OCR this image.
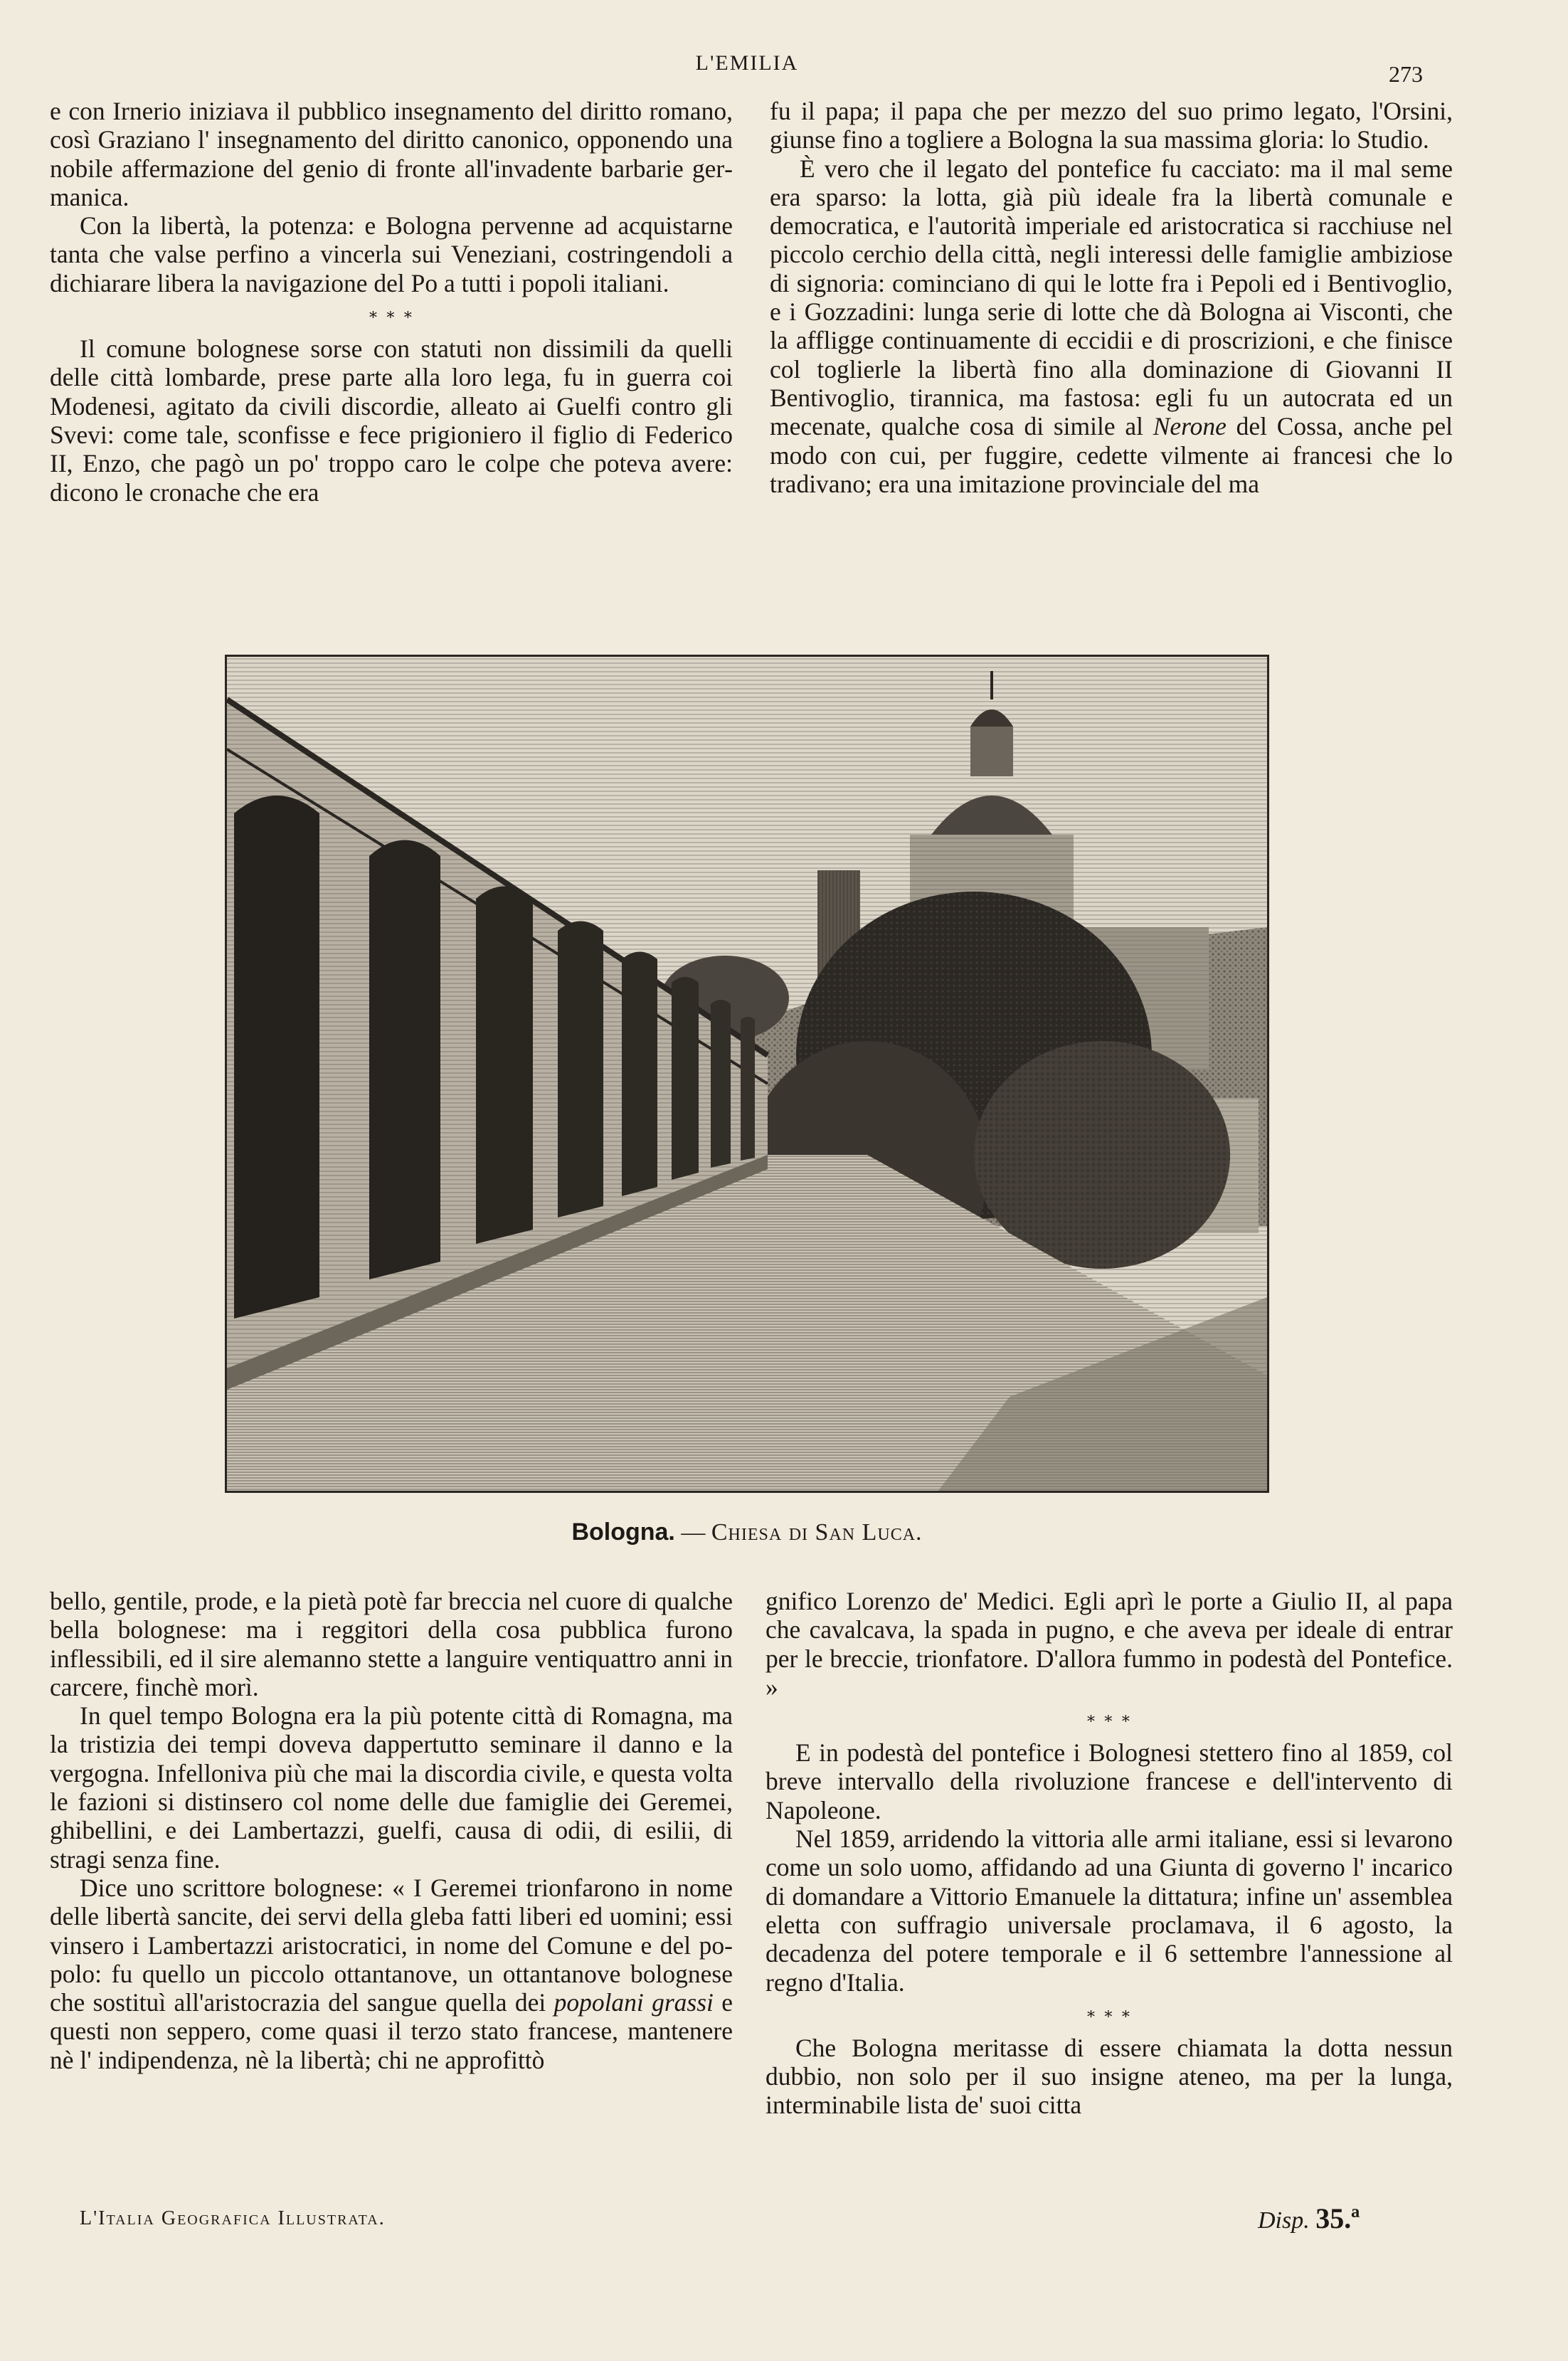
L'EMILIA	273

e con Irnerio iniziava il pubblico insegnamento del diritto romano, così Graziano l' insegnamento del diritto canonico, opponendo una nobile affermazione del genio di fronte all'invadente barbarie germanica.

Con la libertà, la potenza: e Bologna pervenne ad acquistarne tanta che valse perfino a vincerla sui Veneziani, costringendoli a dichiarare libera la navigazione del Po a tutti i popoli italiani.

∗ ∗ ∗

Il comune bolognese sorse con statuti non dissimili da quelli delle città lombarde, prese parte alla loro lega, fu in guerra coi Modenesi, agitato da civili discordie, alleato ai Guelfi contro gli Svevi: come tale, sconfisse e fece prigioniero il figlio di Federico II, Enzo, che pagò un po' troppo caro le colpe che poteva avere: dicono le cronache che era

fu il papa; il papa che per mezzo del suo primo legato, l'Orsini, giunse fino a togliere a Bologna la sua massima gloria: lo Studio.

È vero che il legato del pontefice fu cacciato: ma il mal seme era sparso: la lotta, già più ideale fra la libertà comunale e democratica, e l'autorità imperiale ed aristocratica si racchiuse nel piccolo cerchio della città, negli interessi delle famiglie ambiziose di signoria: cominciano di qui le lotte fra i Pepoli ed i Bentivoglio, e i Gozzadini: lunga serie di lotte che dà Bologna ai Visconti, che la affligge continuamente di eccidii e di proscrizioni, e che finisce col toglierle la libertà fino alla dominazione di Giovanni II Bentivoglio, tirannica, ma fastosa: egli fu un autocrata ed un mecenate, qualche cosa di simile al Nerone del Cossa, anche pel modo con cui, per fuggire, cedette vilmente ai francesi che lo tradivano; era una imitazione provinciale del ma

Bologna. — Chiesa di San Luca.

bello, gentile, prode, e la pietà potè far breccia nel cuore di qualche bella bolognese: ma i reggitori della cosa pubblica furono inflessibili, ed il sire alemanno stette a languire ventiquattro anni in carcere, finchè morì.

In quel tempo Bologna era la più potente città di Romagna, ma la tristizia dei tempi doveva dappertutto seminare il danno e la vergogna. Infelloniva più che mai la discordia civile, e questa volta le fazioni si distinsero col nome delle due famiglie dei Geremei, ghibellini, e dei Lambertazzi, guelfi, causa di odii, di esilii, di stragi senza fine.

Dice uno scrittore bolognese: « I Geremei trionfarono in nome delle libertà sancite, dei servi della gleba fatti liberi ed uomini; essi vinsero i Lambertazzi aristocratici, in nome del Comune e del popolo: fu quello un piccolo ottantanove, un ottantanove bolognese che sostituì all'aristocrazia del sangue quella dei popolani grassi e questi non seppero, come quasi il terzo stato francese, mantenere nè l' indipendenza, nè la libertà; chi ne approfittò

gnifico Lorenzo de' Medici. Egli aprì le porte a Giulio II, al papa che cavalcava, la spada in pugno, e che aveva per ideale di entrar per le breccie, trionfatore. D'allora fummo in podestà del Pontefice. »

∗ ∗ ∗

E in podestà del pontefice i Bolognesi stettero fino al 1859, col breve intervallo della rivoluzione francese e dell'intervento di Napoleone.

Nel 1859, arridendo la vittoria alle armi italiane, essi si levarono come un solo uomo, affidando ad una Giunta di governo l' incarico di domandare a Vittorio Emanuele la dittatura; infine un' assemblea eletta con suffragio universale proclamava, il 6 agosto, la decadenza del potere temporale e il 6 settembre l'annessione al regno d'Italia.

∗ ∗ ∗

Che Bologna meritasse di essere chiamata la dotta nessun dubbio, non solo per il suo insigne ateneo, ma per la lunga, interminabile lista de' suoi citta

L'Italia Geografica Illustrata.	Disp. 35.ª
